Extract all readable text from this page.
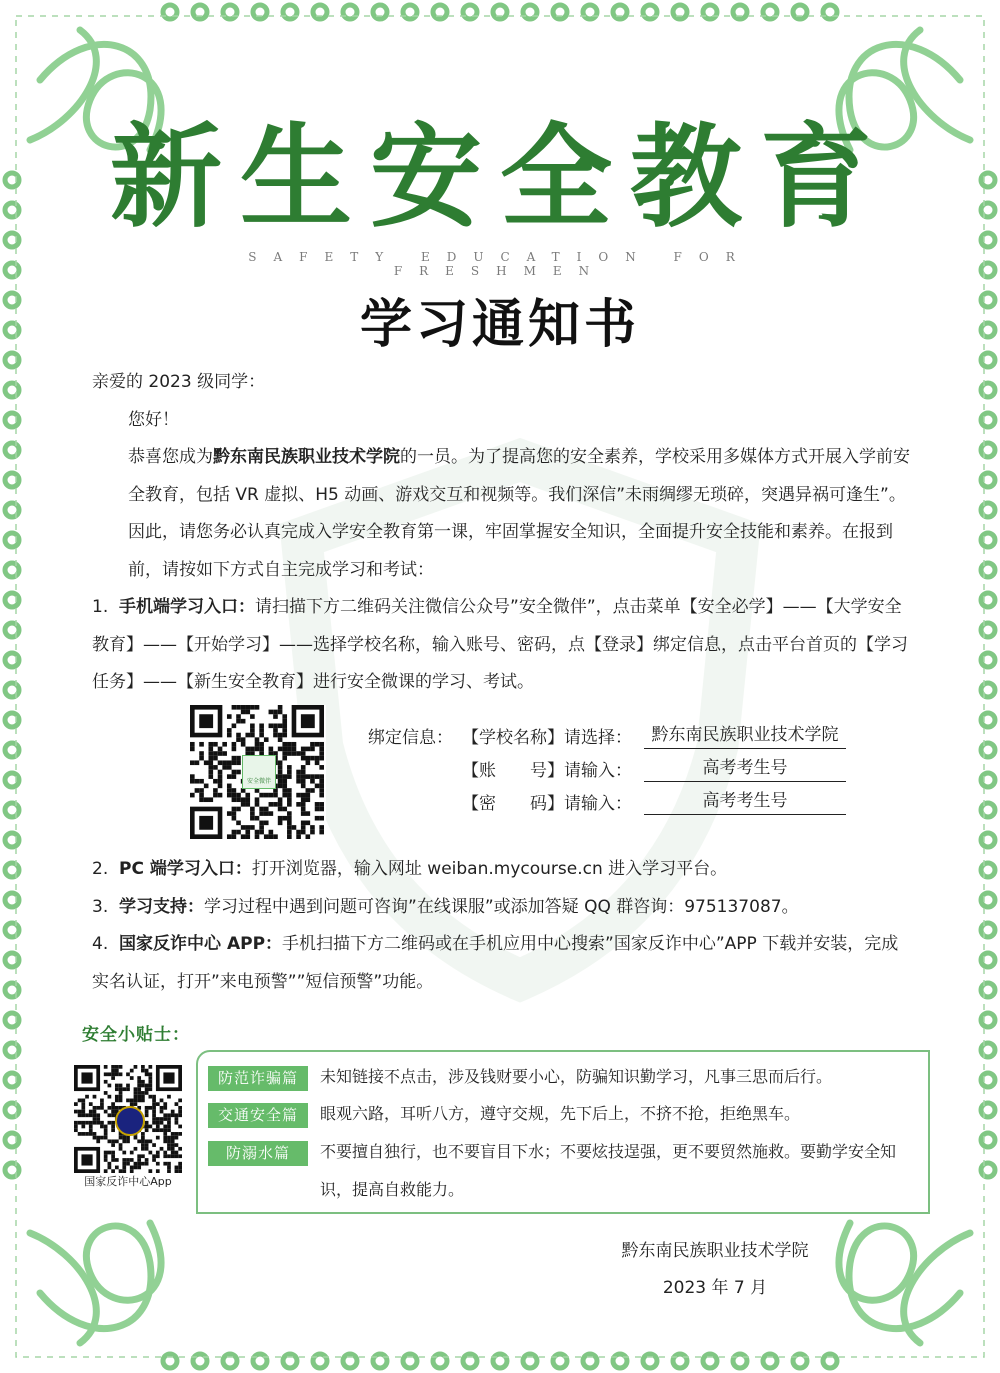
新生安全教育
SAFETY EDUCATION FOR FRESHMEN
学习通知书

亲爱的 2023 级同学：

您好！

恭喜您成为黔东南民族职业技术学院的一员。为了提高您的安全素养，学校采用多媒体方式开展入学前安全教育，包括 VR 虚拟、H5 动画、游戏交互和视频等。我们深信”未雨绸缪无琐碎，突遇异祸可逢生”。因此，请您务必认真完成入学安全教育第一课，牢固掌握安全知识，全面提升安全技能和素养。在报到前，请按如下方式自主完成学习和考试：

1. 手机端学习入口：请扫描下方二维码关注微信公众号”安全微伴”，点击菜单【安全必学】——【大学安全教育】——【开始学习】——选择学校名称，输入账号、密码，点【登录】绑定信息，点击平台首页的【学习任务】——【新生安全教育】进行安全微课的学习、考试。

安全微伴
绑定信息： 【学校名称】请选择：	黔东南民族职业技术学院
【账　　号】请输入：	高考考生号
【密　　码】请输入：	高考考生号

2. PC 端学习入口：打开浏览器，输入网址 weiban.mycourse.cn 进入学习平台。

3. 学习支持：学习过程中遇到问题可咨询”在线课服”或添加答疑 QQ 群咨询：975137087。

4. 国家反诈中心 APP：手机扫描下方二维码或在手机应用中心搜索”国家反诈中心”APP 下载并安装，完成实名认证，打开”来电预警””短信预警”功能。

安全小贴士：
国家反诈中心App
防范诈骗篇	未知链接不点击，涉及钱财要小心，防骗知识勤学习，凡事三思而后行。
交通安全篇	眼观六路，耳听八方，遵守交规，先下后上，不挤不抢，拒绝黑车。
防溺水篇	不要擅自独行，也不要盲目下水；不要炫技逞强，更不要贸然施救。要勤学安全知识，提高自救能力。
黔东南民族职业技术学院
2023 年 7 月
